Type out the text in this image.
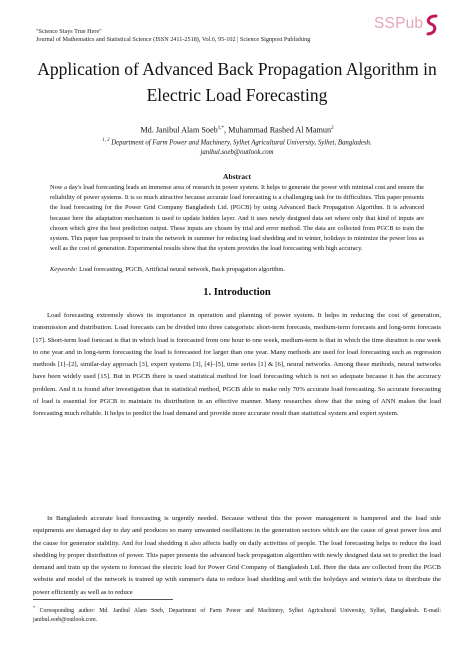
"Science Stays True Here"
Journal of Mathematics and Statistical Science (ISSN 2411-2518), Vol.6, 95-102 | Science Signpost Publishing
SSPub
Application of Advanced Back Propagation Algorithm in
Electric Load Forecasting
Md. Janibul Alam Soeb$^{1,*}$, Muhammad Rashed Al Mamun$^2$
$^{1, 2}$ Department of Farm Power and Machinery, Sylhet Agricultural University, Sylhet, Bangladesh.
janibul.soeb@outlook.com
Abstract
Now a day's load forecasting leads an immense area of research in power system. It helps to generate the power with minimal cost and ensure the reliability of power systems. It is so much attractive because accurate load forecasting is a challenging task for its difficulties. This paper presents the load forecasting for the Power Grid Company Bangladesh Ltd. (PGCB) by using Advanced Back Propagation Algorithm. It is advanced because here the adaptation mechanism is used to update hidden layer. And it uses newly designed data set where only that kind of inputs are chosen which give the best prediction output. These inputs are chosen by trial and error method. The data are collected from PGCB to train the system. This paper has proposed to train the network in summer for reducing load shedding and in winter, holidays to minimize the power loss as well as the cost of generation. Experimental results show that the system provides the load forecasting with high accuracy.
Keywords: Load forecasting, PGCB, Artificial neural network, Back propagation algorithm.
1. Introduction
Load forecasting extremely shows its importance in operation and planning of power system. It helps in reducing the cost of generation, transmission and distribution. Load forecasts can be divided into three categorists: short-term forecasts, medium-term forecasts and long-term forecasts [17]. Short-term load forecast is that in which load is forecasted from one hour to one week, medium-term is that in which the time duration is one week to one year and in long-term forecasting the load is forecasted for larger than one year. Many methods are used for load forecasting such as regression methods [1]–[2], similar-day approach [3], expert systems [3], [4]–[5], time series [1] & [6], neural networks. Among these methods, neural networks have been widely used [15]. But in PGCB there is used statistical method for load forecasting which is not so adequate because it has the accuracy problem. And it is found after investigation that in statistical method, PGCB able to make only 70% accurate load forecasting. So accurate forecasting of load is essential for PGCB to maintain its distribution in an effective manner. Many researches show that the using of ANN makes the load forecasting much reliable. It helps to predict the load demand and provide more accurate result than statistical system and expert system.
In Bangladesh accurate load forecasting is urgently needed. Because without this the power management is hampered and the load side equipments are damaged day to day and produces so many unwanted oscillations in the generation sectors which are the cause of great power loss and the cause for generator stability. And for load shedding it also affects badly on daily activities of people. The load forecasting helps to reduce the load shedding by proper distribution of power. This paper presents the advanced back propagation algorithm with newly designed data set to predict the load demand and train up the system to forecast the electric load for Power Grid Company of Bangladesh Ltd. Here the data are collected from the PGCB website and model of the network is trained up with summer's data to reduce load shedding and with the holydays and winter's data to distribute the power efficiently as well as to reduce
* Corresponding author: Md. Janibul Alam Soeb, Department of Farm Power and Machinery, Sylhet Agricultural University, Sylhet, Bangladesh. E-mail: janibul.soeb@outlook.com.
